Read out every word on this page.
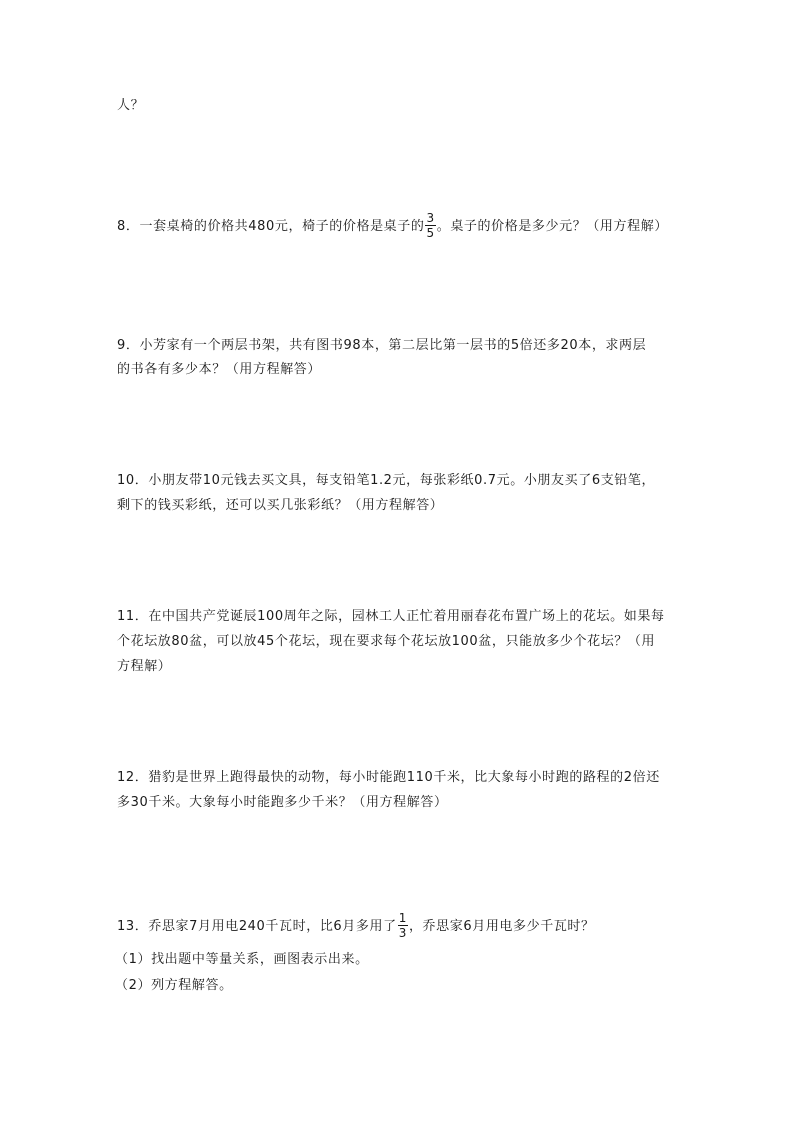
人？
8．一套桌椅的价格共480元，椅子的价格是桌子的 $\frac{3}{5}$ 。桌子的价格是多少元？（用方程解）
9．小芳家有一个两层书架，共有图书98本，第二层比第一层书的5倍还多20本，求两层
的书各有多少本？（用方程解答）
10．小朋友带10元钱去买文具，每支铅笔1.2元，每张彩纸0.7元。小朋友买了6支铅笔，
剩下的钱买彩纸，还可以买几张彩纸？（用方程解答）
11．在中国共产党诞辰100周年之际，园林工人正忙着用丽春花布置广场上的花坛。如果每
个花坛放80盆，可以放45个花坛，现在要求每个花坛放100盆，只能放多少个花坛？（用
方程解）
12．猎豹是世界上跑得最快的动物，每小时能跑110千米，比大象每小时跑的路程的2倍还
多30千米。大象每小时能跑多少千米？（用方程解答）
13．乔思家7月用电240千瓦时，比6月多用了 $\frac{1}{3}$ ，乔思家6月用电多少千瓦时？
（1）找出题中等量关系，画图表示出来。
（2）列方程解答。
